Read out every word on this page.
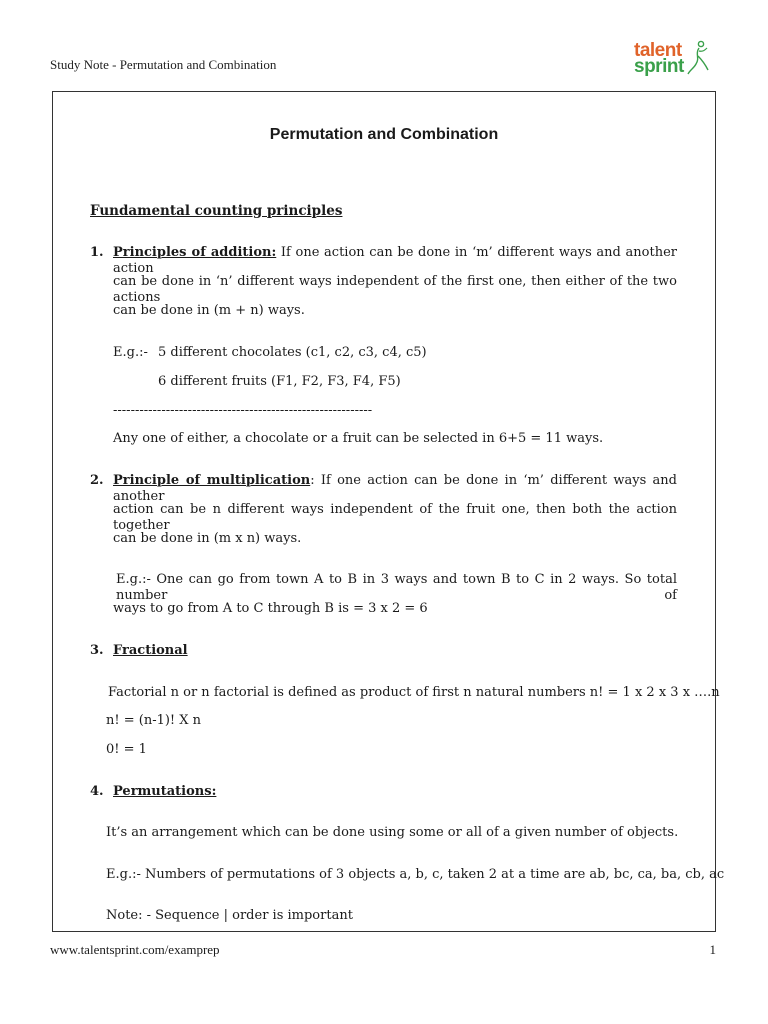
Study Note - Permutation and Combination
talent
sprint
Permutation and Combination
Fundamental counting principles
1. Principles of addition: If one action can be done in ‘m’ different ways and another action
can be done in ‘n’ different ways independent of the first one, then either of the two actions
can be done in (m + n) ways.
E.g.:- 5 different chocolates (c1, c2, c3, c4, c5)
6 different fruits (F1, F2, F3, F4, F5)
-----------------------------------------------------------
Any one of either, a chocolate or a fruit can be selected in 6+5 = 11 ways.
2. Principle of multiplication: If one action can be done in ‘m’ different ways and another
action can be n different ways independent of the fruit one, then both the action together
can be done in (m x n) ways.
E.g.:- One can go from town A to B in 3 ways and town B to C in 2 ways. So total number of
ways to go from A to C through B is = 3 x 2 = 6
3. Fractional
Factorial n or n factorial is defined as product of first n natural numbers n! = 1 x 2 x 3 x ….n
n! = (n-1)! X n
0! = 1
4. Permutations:
It’s an arrangement which can be done using some or all of a given number of objects.
E.g.:- Numbers of permutations of 3 objects a, b, c, taken 2 at a time are ab, bc, ca, ba, cb, ac
Note: - Sequence | order is important
www.talentsprint.com/examprep	1
